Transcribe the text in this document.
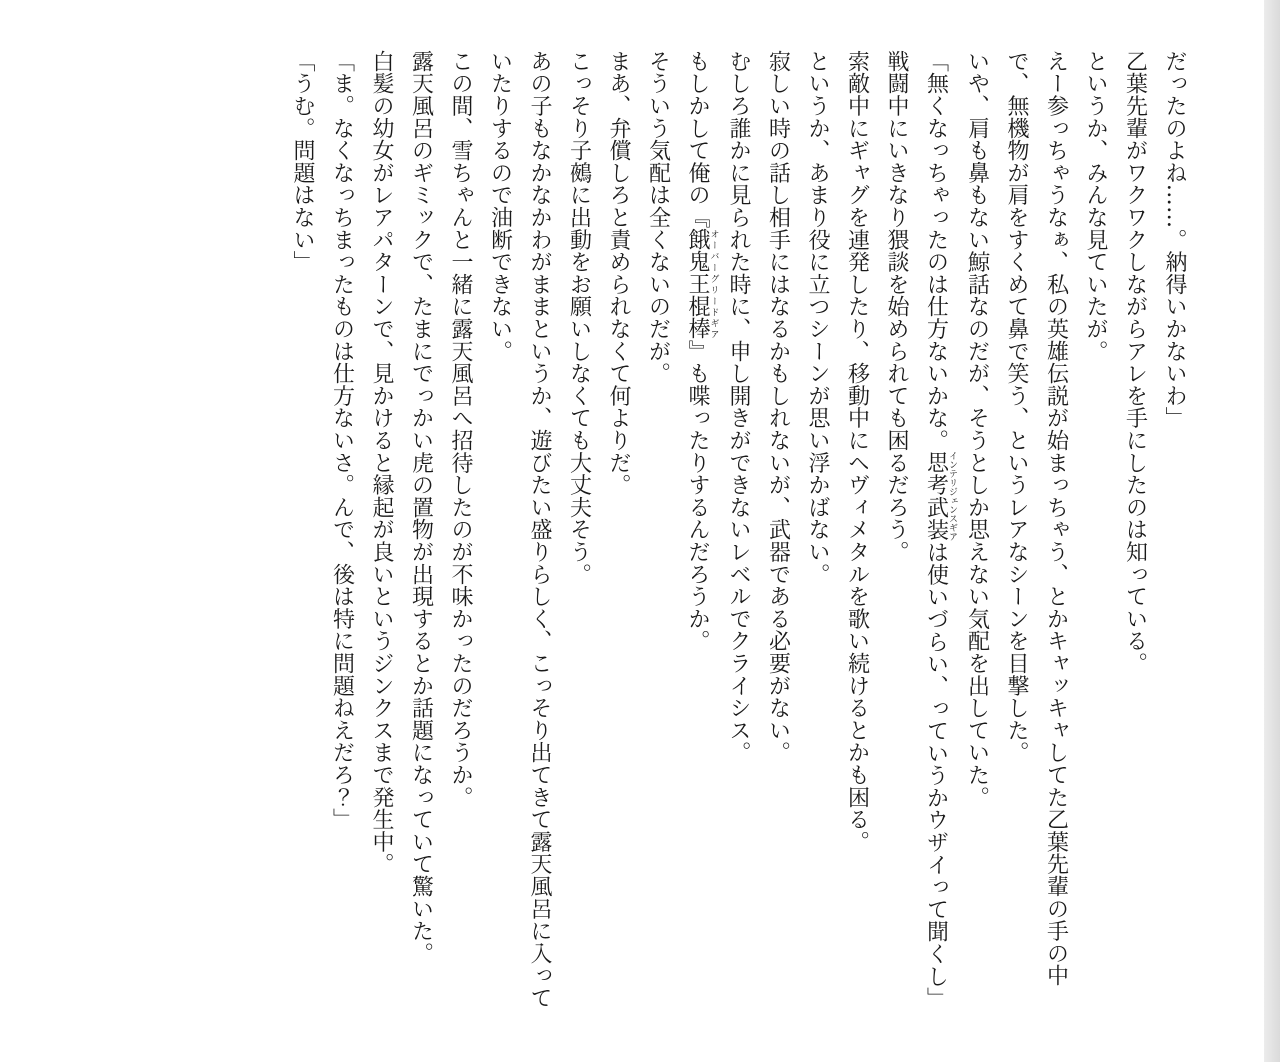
だったのよね……。納得いかないわ」

乙葉先輩がワクワクしながらアレを手にしたのは知っている。

というか、みんな見ていたが。

えー参っちゃうなぁ、私の英雄伝説が始まっちゃう、とかキャッキャしてた乙葉先輩の手の中で、無機物が肩をすくめて鼻で笑う、というレアなシーンを目撃した。

いや、肩も鼻もない鯨話なのだが、そうとしか思えない気配を出していた。

「無くなっちゃったのは仕方ないかな。思考武装インテリジェンスギアは使いづらい、っていうかウザイって聞くし」

戦闘中にいきなり猥談を始められても困るだろう。

索敵中にギャグを連発したり、移動中にヘヴィメタルを歌い続けるとかも困る。

というか、あまり役に立つシーンが思い浮かばない。

寂しい時の話し相手にはなるかもしれないが、武器である必要がない。

むしろ誰かに見られた時に、申し開きができないレベルでクライシス。

もしかして俺の『餓鬼王棍棒オーバーグリードギア』も喋ったりするんだろうか。

そういう気配は全くないのだが。

まあ、弁償しろと責められなくて何よりだ。

こっそり子鵺に出動をお願いしなくても大丈夫そう。

あの子もなかなかわがままというか、遊びたい盛りらしく、こっそり出てきて露天風呂に入っていたりするので油断できない。

この間、雪ちゃんと一緒に露天風呂へ招待したのが不味かったのだろうか。

露天風呂のギミックで、たまにでっかい虎の置物が出現するとか話題になっていて驚いた。

白髪の幼女がレアパターンで、見かけると縁起が良いというジンクスまで発生中。

「ま。なくなっちまったものは仕方ないさ。んで、後は特に問題ねえだろ？」

「うむ。問題はない」
